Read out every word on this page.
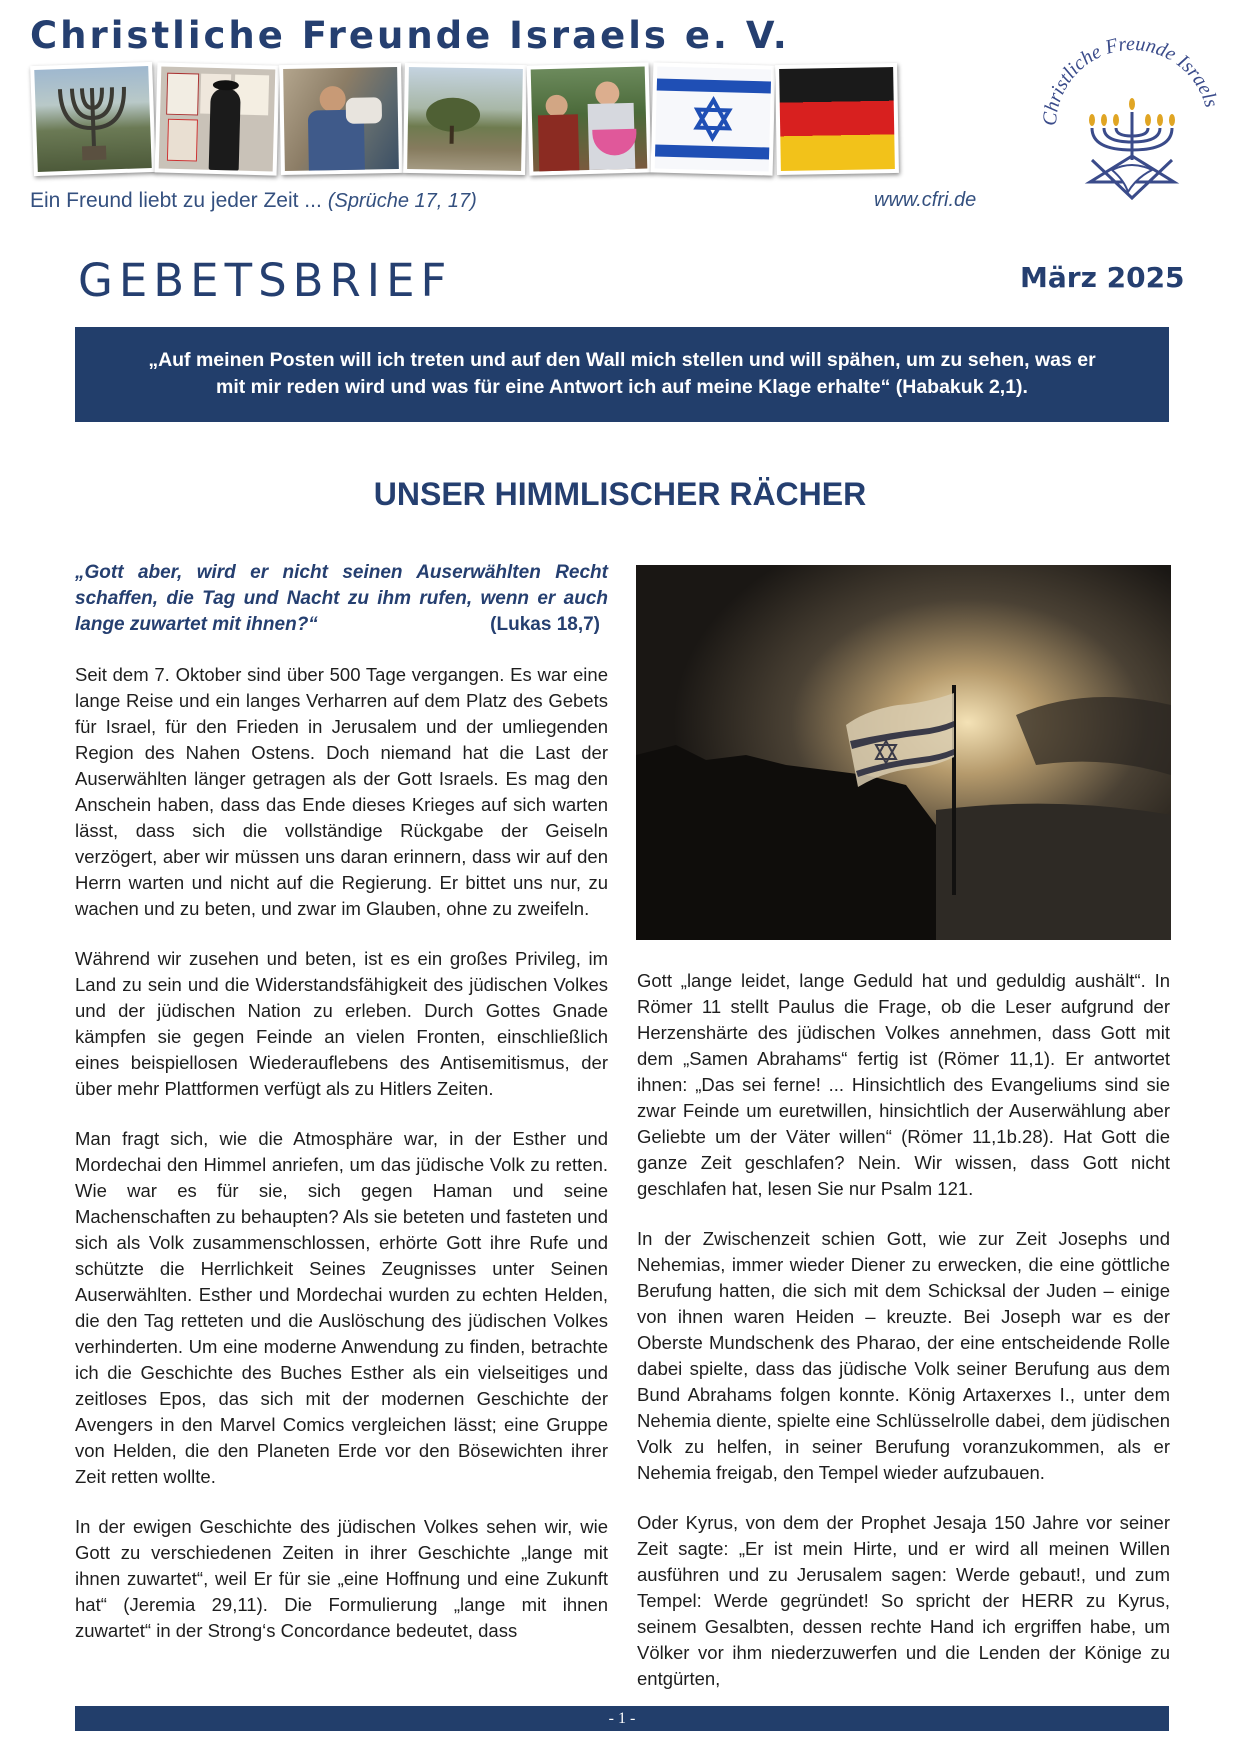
Christliche Freunde Israels e. V.
Ein Freund liebt zu jeder Zeit ... (Sprüche 17, 17)	www.cfri.de
Christliche Freunde Israels
GEBETSBRIEF	März 2025
„Auf meinen Posten will ich treten und auf den Wall mich stellen und will spähen, um zu sehen, was er
mit mir reden wird und was für eine Antwort ich auf meine Klage erhalte“ (Habakuk 2,1).
UNSER HIMMLISCHER RÄCHER

„Gott aber, wird er nicht seinen Auserwählten Recht schaffen, die Tag und Nacht zu ihm rufen, wenn er auch lange zuwartet mit ihnen?“	(Lukas 18,7)

Seit dem 7. Oktober sind über 500 Tage vergangen. Es war eine lange Reise und ein langes Verharren auf dem Platz des Gebets für Israel, für den Frieden in Jerusalem und der umliegenden Region des Nahen Ostens. Doch niemand hat die Last der Auserwählten länger getragen als der Gott Israels. Es mag den Anschein haben, dass das Ende dieses Krieges auf sich warten lässt, dass sich die vollständige Rückgabe der Geiseln verzögert, aber wir müssen uns daran erinnern, dass wir auf den Herrn warten und nicht auf die Regierung. Er bittet uns nur, zu wachen und zu beten, und zwar im Glauben, ohne zu zweifeln.

Während wir zusehen und beten, ist es ein großes Privileg, im Land zu sein und die Widerstandsfähigkeit des jüdischen Volkes und der jüdischen Nation zu erleben. Durch Gottes Gnade kämpfen sie gegen Feinde an vielen Fronten, einschließlich eines beispiellosen Wiederauflebens des Antisemitismus, der über mehr Plattformen verfügt als zu Hitlers Zeiten.

Man fragt sich, wie die Atmosphäre war, in der Esther und Mordechai den Himmel anriefen, um das jüdische Volk zu retten. Wie war es für sie, sich gegen Haman und seine Machenschaften zu behaupten? Als sie beteten und fasteten und sich als Volk zusammenschlossen, erhörte Gott ihre Rufe und schützte die Herrlichkeit Seines Zeugnisses unter Seinen Auserwählten. Esther und Mordechai wurden zu echten Helden, die den Tag retteten und die Auslöschung des jüdischen Volkes verhinderten. Um eine moderne Anwendung zu finden, betrachte ich die Geschichte des Buches Esther als ein vielseitiges und zeitloses Epos, das sich mit der modernen Geschichte der Avengers in den Marvel Comics vergleichen lässt; eine Gruppe von Helden, die den Planeten Erde vor den Bösewichten ihrer Zeit retten wollte.

In der ewigen Geschichte des jüdischen Volkes sehen wir, wie Gott zu verschiedenen Zeiten in ihrer Geschichte „lange mit ihnen zuwartet“, weil Er für sie „eine Hoffnung und eine Zukunft hat“ (Jeremia 29,11). Die Formulierung „lange mit ihnen zuwartet“ in der Strong‘s Concordance bedeutet, dass

Gott „lange leidet, lange Geduld hat und geduldig aushält“. In Römer 11 stellt Paulus die Frage, ob die Leser aufgrund der Herzenshärte des jüdischen Volkes annehmen, dass Gott mit dem „Samen Abrahams“ fertig ist (Römer 11,1). Er antwortet ihnen: „Das sei ferne! ... Hinsichtlich des Evangeliums sind sie zwar Feinde um euretwillen, hinsichtlich der Auserwählung aber Geliebte um der Väter willen“ (Römer 11,1b.28). Hat Gott die ganze Zeit geschlafen? Nein. Wir wissen, dass Gott nicht geschlafen hat, lesen Sie nur Psalm 121.

In der Zwischenzeit schien Gott, wie zur Zeit Josephs und Nehemias, immer wieder Diener zu erwecken, die eine göttliche Berufung hatten, die sich mit dem Schicksal der Juden – einige von ihnen waren Heiden – kreuzte. Bei Joseph war es der Oberste Mundschenk des Pharao, der eine entscheidende Rolle dabei spielte, dass das jüdische Volk seiner Berufung aus dem Bund Abrahams folgen konnte. König Artaxerxes I., unter dem Nehemia diente, spielte eine Schlüsselrolle dabei, dem jüdischen Volk zu helfen, in seiner Berufung voranzukommen, als er Nehemia freigab, den Tempel wieder aufzubauen.

Oder Kyrus, von dem der Prophet Jesaja 150 Jahre vor seiner Zeit sagte: „Er ist mein Hirte, und er wird all meinen Willen ausführen und zu Jerusalem sagen: Werde gebaut!, und zum Tempel: Werde gegründet! So spricht der HERR zu Kyrus, seinem Gesalbten, dessen rechte Hand ich ergriffen habe, um Völker vor ihm niederzuwerfen und die Lenden der Könige zu entgürten,

- 1 -
